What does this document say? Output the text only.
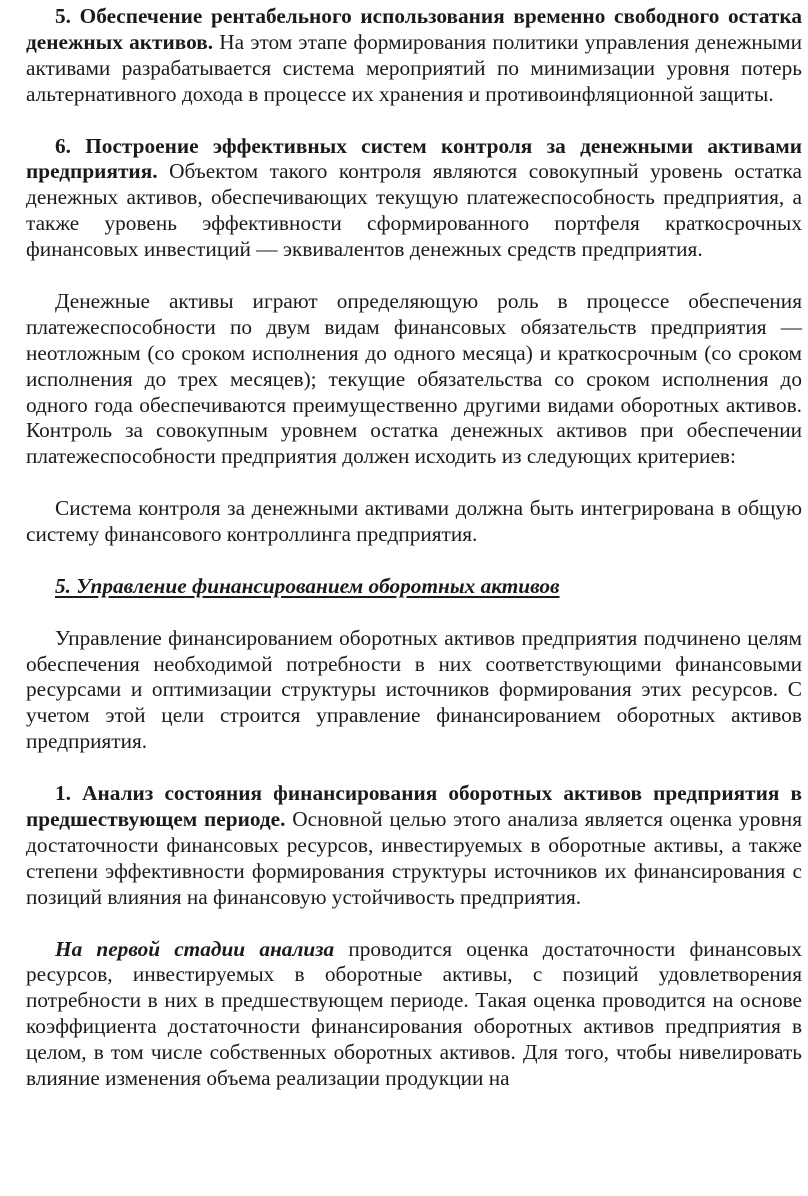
5. Обеспечение рентабельного использования временно свободного остатка денежных активов. На этом этапе формирования политики управления денежными активами разрабатывается система мероприятий по минимизации уровня потерь альтернативного дохода в процессе их хранения и противоинфляционной защиты.

6. Построение эффективных систем контроля за денежными активами предприятия. Объектом такого контроля являются совокупный уровень остатка денежных активов, обеспечивающих текущую платежеспособность предприятия, а также уровень эффективности сформированного портфеля краткосрочных финансовых инвестиций — эквивалентов денежных средств предприятия.

Денежные активы играют определяющую роль в процессе обеспечения платежеспособности по двум видам финансовых обязательств предприятия — неотложным (со сроком исполнения до одного месяца) и краткосрочным (со сроком исполнения до трех месяцев); текущие обязательства со сроком исполнения до одного года обеспечиваются преимущественно другими видами оборотных активов. Контроль за совокупным уровнем остатка денежных активов при обеспечении платежеспособности предприятия должен исходить из следующих критериев:

Система контроля за денежными активами должна быть интегрирована в общую систему финансового контроллинга предприятия.

5. Управление финансированием оборотных активов

Управление финансированием оборотных активов предприятия подчинено целям обеспечения необходимой потребности в них соответствующими финансовыми ресурсами и оптимизации структуры источников формирования этих ресурсов. С учетом этой цели строится управление финансированием оборотных активов предприятия.

1. Анализ состояния финансирования оборотных активов предприятия в предшествующем периоде. Основной целью этого анализа является оценка уровня достаточности финансовых ресурсов, инвестируемых в оборотные активы, а также степени эффективности формирования структуры источников их финансирования с позиций влияния на финансовую устойчивость предприятия.

На первой стадии анализа проводится оценка достаточности финансовых ресурсов, инвестируемых в оборотные активы, с позиций удовлетворения потребности в них в предшествующем периоде. Такая оценка проводится на основе коэффициента достаточности финансирования оборотных активов предприятия в целом, в том числе собственных оборотных активов. Для того, чтобы нивелировать влияние изменения объема реализации продукции на
